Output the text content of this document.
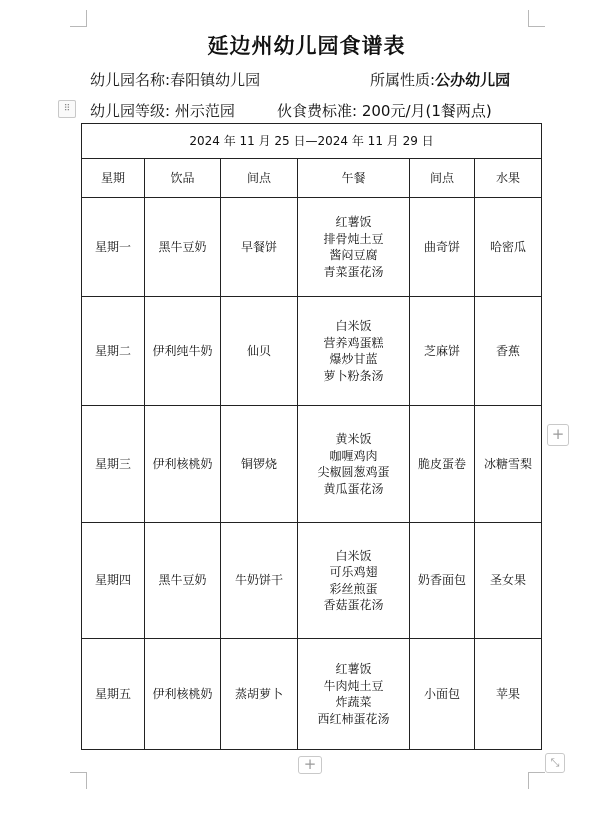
延边州幼儿园食谱表
幼儿园名称:春阳镇幼儿园	所属性质:公办幼儿园
⠿	幼儿园等级: 州示范园	伙食费标准: 200元/月(1餐两点)
2024 年 11 月 25 日—2024 年 11 月 29 日					
星期	饮品	间点	午餐	间点	水果
星期一	黑牛豆奶	早餐饼	红薯饭
排骨炖土豆
酱闷豆腐
青菜蛋花汤	曲奇饼	哈密瓜
星期二	伊利纯牛奶	仙贝	白米饭
营养鸡蛋糕
爆炒甘蓝
萝卜粉条汤	芝麻饼	香蕉
星期三	伊利核桃奶	铜锣烧	黄米饭
咖喱鸡肉
尖椒圆葱鸡蛋
黄瓜蛋花汤	脆皮蛋卷	冰糖雪梨
星期四	黑牛豆奶	牛奶饼干	白米饭
可乐鸡翅
彩丝煎蛋
香菇蛋花汤	奶香面包	圣女果
星期五	伊利核桃奶	蒸胡萝卜	红薯饭
牛肉炖土豆
炸蔬菜
西红柿蛋花汤	小面包	苹果
+
+	⤡
